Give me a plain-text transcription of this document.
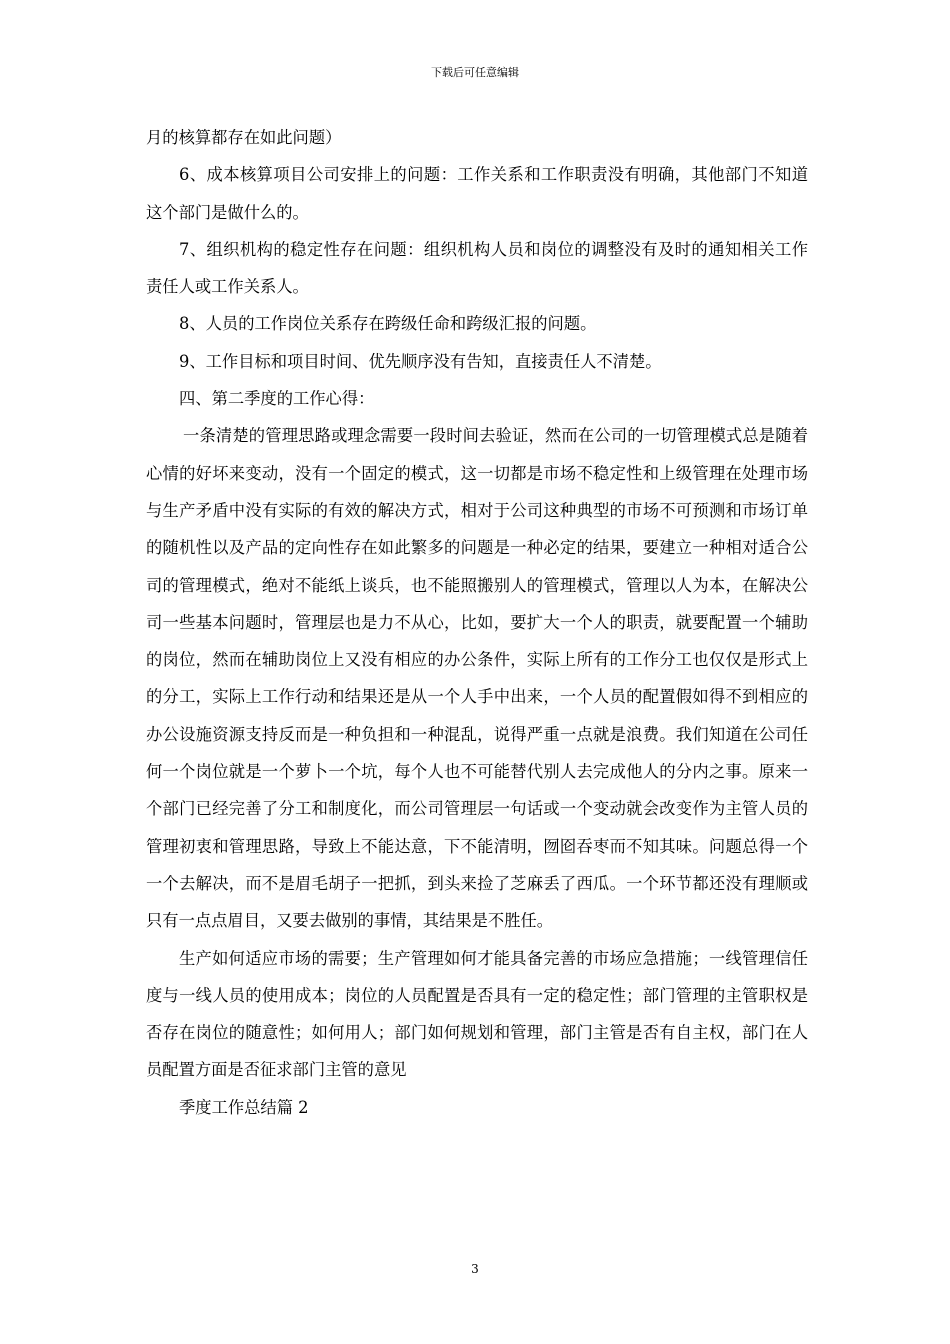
下载后可任意编辑

月的核算都存在如此问题）

6、成本核算项目公司安排上的问题：工作关系和工作职责没有明确，其他部门不知道这个部门是做什么的。

7、组织机构的稳定性存在问题：组织机构人员和岗位的调整没有及时的通知相关工作责任人或工作关系人。

8、人员的工作岗位关系存在跨级任命和跨级汇报的问题。

9、工作目标和项目时间、优先顺序没有告知，直接责任人不清楚。

四、第二季度的工作心得：

一条清楚的管理思路或理念需要一段时间去验证，然而在公司的一切管理模式总是随着心情的好坏来变动，没有一个固定的模式，这一切都是市场不稳定性和上级管理在处理市场与生产矛盾中没有实际的有效的解决方式，相对于公司这种典型的市场不可预测和市场订单的随机性以及产品的定向性存在如此繁多的问题是一种必定的结果，要建立一种相对适合公司的管理模式，绝对不能纸上谈兵，也不能照搬别人的管理模式，管理以人为本，在解决公司一些基本问题时，管理层也是力不从心，比如，要扩大一个人的职责，就要配置一个辅助的岗位，然而在辅助岗位上又没有相应的办公条件，实际上所有的工作分工也仅仅是形式上的分工，实际上工作行动和结果还是从一个人手中出来，一个人员的配置假如得不到相应的办公设施资源支持反而是一种负担和一种混乱，说得严重一点就是浪费。我们知道在公司任何一个岗位就是一个萝卜一个坑，每个人也不可能替代别人去完成他人的分内之事。原来一个部门已经完善了分工和制度化，而公司管理层一句话或一个变动就会改变作为主管人员的管理初衷和管理思路，导致上不能达意，下不能清明，囫囵吞枣而不知其味。问题总得一个一个去解决，而不是眉毛胡子一把抓，到头来捡了芝麻丢了西瓜。一个环节都还没有理顺或只有一点点眉目，又要去做别的事情，其结果是不胜任。

生产如何适应市场的需要；生产管理如何才能具备完善的市场应急措施；一线管理信任度与一线人员的使用成本；岗位的人员配置是否具有一定的稳定性；部门管理的主管职权是否存在岗位的随意性；如何用人；部门如何规划和管理，部门主管是否有自主权，部门在人员配置方面是否征求部门主管的意见

季度工作总结篇 2

3
